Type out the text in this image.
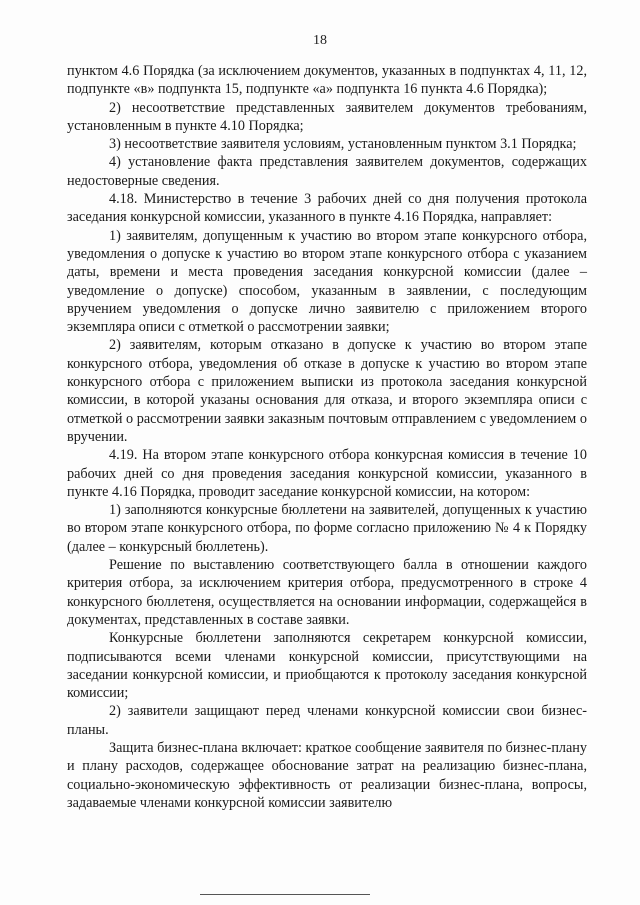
18

пунктом 4.6 Порядка (за исключением документов, указанных в подпунктах 4, 11, 12, подпункте «в» подпункта 15, подпункте «а» подпункта 16 пункта 4.6 Порядка);

2) несоответствие представленных заявителем документов требованиям, установленным в пункте 4.10 Порядка;

3) несоответствие заявителя условиям, установленным пунктом 3.1 Порядка;

4) установление факта представления заявителем документов, содержащих недостоверные сведения.

4.18. Министерство в течение 3 рабочих дней со дня получения протокола заседания конкурсной комиссии, указанного в пункте 4.16 Порядка, направляет:

1) заявителям, допущенным к участию во втором этапе конкурсного отбора, уведомления о допуске к участию во втором этапе конкурсного отбора с указанием даты, времени и места проведения заседания конкурсной комиссии (далее – уведомление о допуске) способом, указанным в заявлении, с последующим вручением уведомления о допуске лично заявителю с приложением второго экземпляра описи с отметкой о рассмотрении заявки;

2) заявителям, которым отказано в допуске к участию во втором этапе конкурсного отбора, уведомления об отказе в допуске к участию во втором этапе конкурсного отбора с приложением выписки из протокола заседания конкурсной комиссии, в которой указаны основания для отказа, и второго экземпляра описи с отметкой о рассмотрении заявки заказным почтовым отправлением с уведомлением о вручении.

4.19. На втором этапе конкурсного отбора конкурсная комиссия в течение 10 рабочих дней со дня проведения заседания конкурсной комиссии, указанного в пункте 4.16 Порядка, проводит заседание конкурсной комиссии, на котором:

1) заполняются конкурсные бюллетени на заявителей, допущенных к участию во втором этапе конкурсного отбора, по форме согласно приложению № 4 к Порядку (далее – конкурсный бюллетень).

Решение по выставлению соответствующего балла в отношении каждого критерия отбора, за исключением критерия отбора, предусмотренного в строке 4 конкурсного бюллетеня, осуществляется на основании информации, содержащейся в документах, представленных в составе заявки.

Конкурсные бюллетени заполняются секретарем конкурсной комиссии, подписываются всеми членами конкурсной комиссии, присутствующими на заседании конкурсной комиссии, и приобщаются к протоколу заседания конкурсной комиссии;

2) заявители защищают перед членами конкурсной комиссии свои бизнес-планы.

Защита бизнес-плана включает: краткое сообщение заявителя по бизнес-плану и плану расходов, содержащее обоснование затрат на реализацию бизнес-плана, социально-экономическую эффективность от реализации бизнес-плана, вопросы, задаваемые членами конкурсной комиссии заявителю
